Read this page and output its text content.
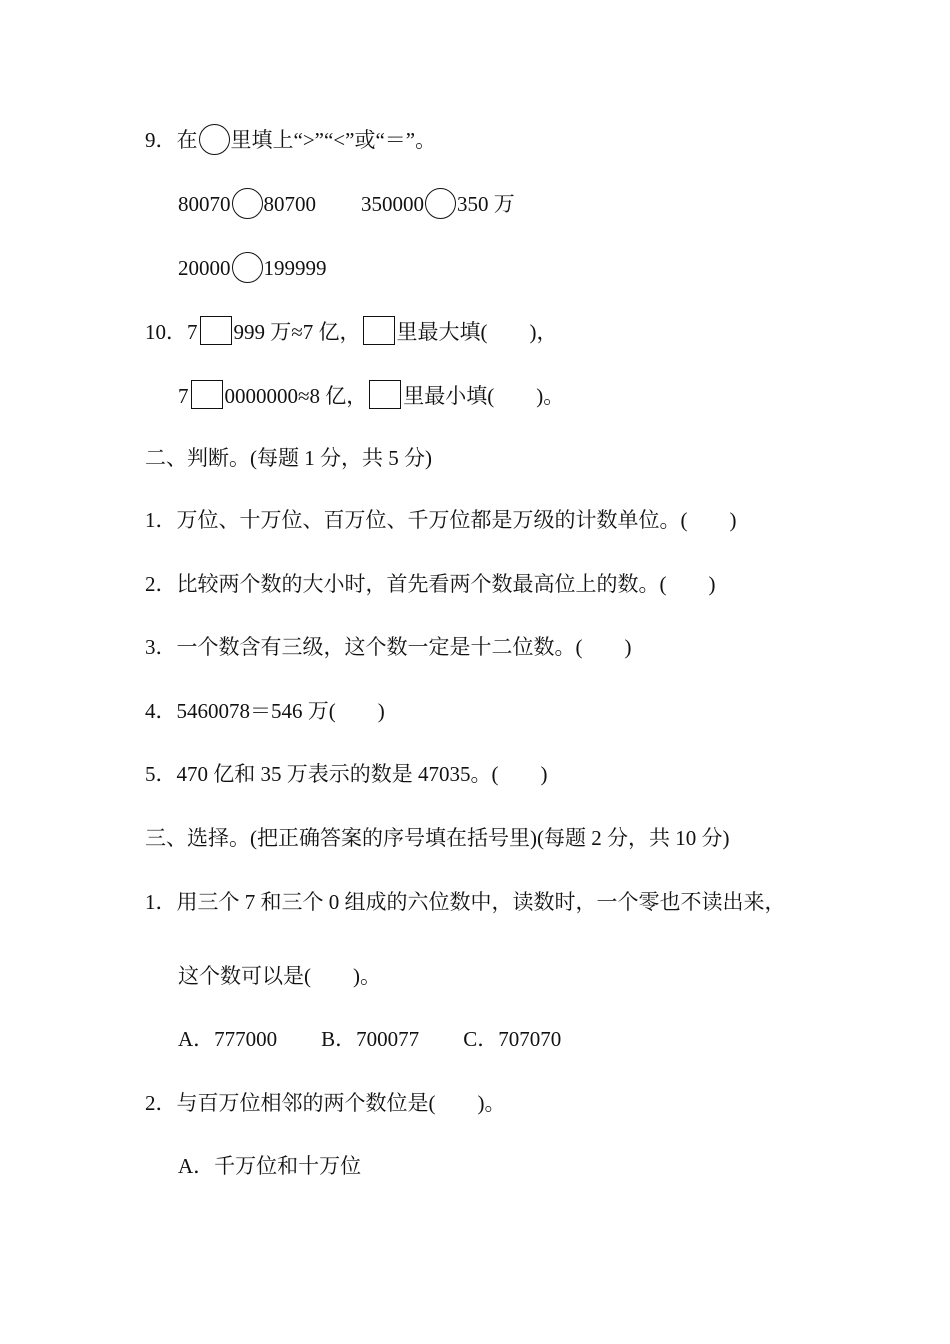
9．在 里填上“>”“<”或“＝”。
80070 80700 350000 350 万
20000 199999
10．7 999 万≈7 亿， 里最大填(　　)，
7 0000000≈8 亿， 里最小填(　　)。
二、判断。(每题 1 分，共 5 分)
1．万位、十万位、百万位、千万位都是万级的计数单位。(　　)
2．比较两个数的大小时，首先看两个数最高位上的数。(　　)
3．一个数含有三级，这个数一定是十二位数。(　　)
4．5460078＝546 万(　　)
5．470 亿和 35 万表示的数是 47035。(　　)
三、选择。(把正确答案的序号填在括号里)(每题 2 分，共 10 分)
1．用三个 7 和三个 0 组成的六位数中，读数时，一个零也不读出来，
这个数可以是(　　)。
A．777000 B．700077 C．707070
2．与百万位相邻的两个数位是(　　)。
A．千万位和十万位
